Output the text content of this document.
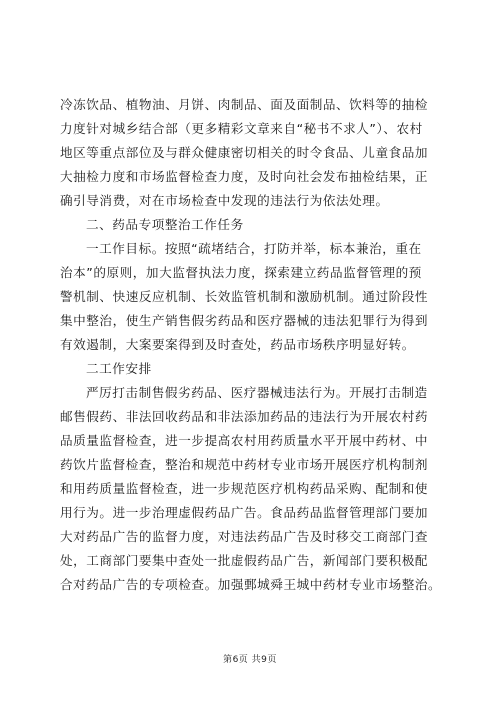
冷冻饮品、植物油、月饼、肉制品、面及面制品、饮料等的抽检
力度针对城乡结合部（更多精彩文章来自“秘书不求人”）、农村
地区等重点部位及与群众健康密切相关的时令食品、儿童食品加
大抽检力度和市场监督检查力度，及时向社会发布抽检结果，正
确引导消费，对在市场检查中发现的违法行为依法处理。
二、药品专项整治工作任务
一工作目标。按照“疏堵结合，打防并举，标本兼治，重在
治本”的原则，加大监督执法力度，探索建立药品监督管理的预
警机制、快速反应机制、长效监管机制和激励机制。通过阶段性
集中整治，使生产销售假劣药品和医疗器械的违法犯罪行为得到
有效遏制，大案要案得到及时查处，药品市场秩序明显好转。
二工作安排
严厉打击制售假劣药品、医疗器械违法行为。开展打击制造
邮售假药、非法回收药品和非法添加药品的违法行为开展农村药
品质量监督检查，进一步提高农村用药质量水平开展中药材、中
药饮片监督检查，整治和规范中药材专业市场开展医疗机构制剂
和用药质量监督检查，进一步规范医疗机构药品采购、配制和使
用行为。进一步治理虚假药品广告。食品药品监督管理部门要加
大对药品广告的监督力度，对违法药品广告及时移交工商部门查
处，工商部门要集中查处一批虚假药品广告，新闻部门要积极配
合对药品广告的专项检查。加强鄄城舜王城中药材专业市场整治。
第6页 共9页
